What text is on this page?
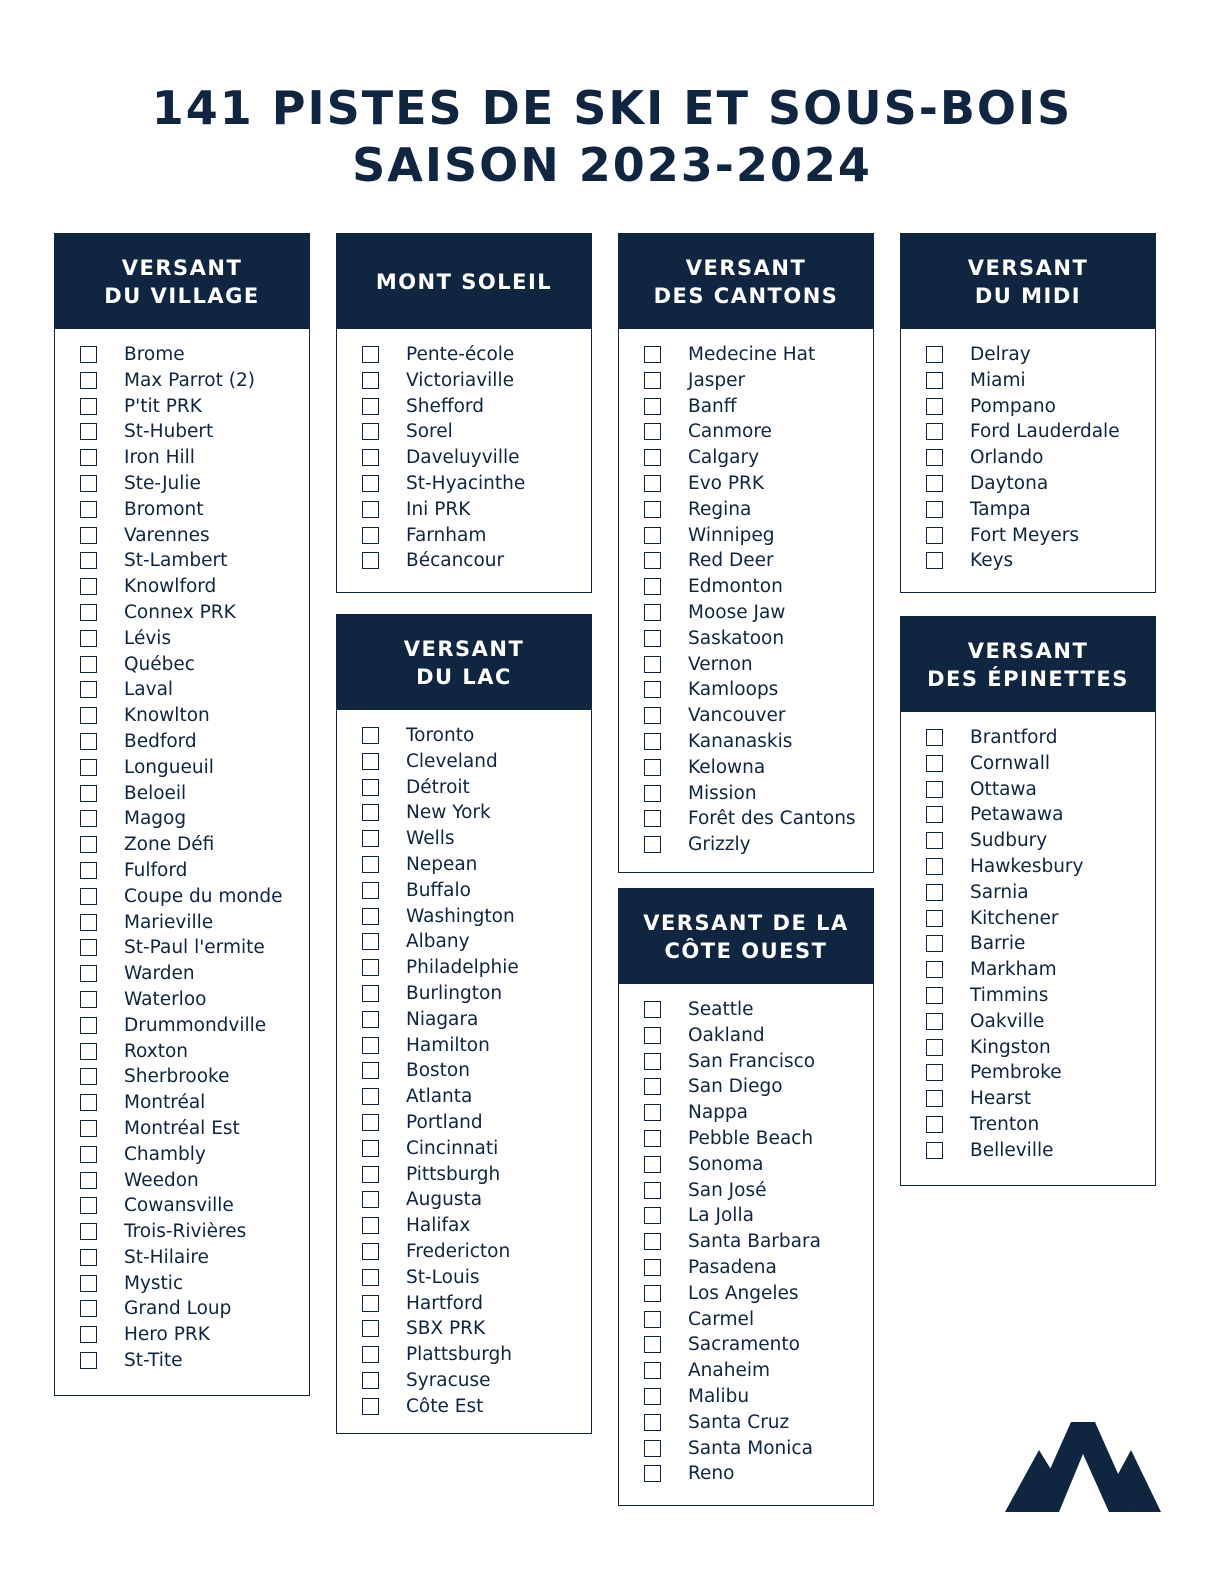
141 PISTES DE SKI ET SOUS-BOIS
SAISON 2023-2024
VERSANT
DU VILLAGE
Brome
Max Parrot (2)
P'tit PRK
St-Hubert
Iron Hill
Ste-Julie
Bromont
Varennes
St-Lambert
Knowlford
Connex PRK
Lévis
Québec
Laval
Knowlton
Bedford
Longueuil
Beloeil
Magog
Zone Défi
Fulford
Coupe du monde
Marieville
St-Paul l'ermite
Warden
Waterloo
Drummondville
Roxton
Sherbrooke
Montréal
Montréal Est
Chambly
Weedon
Cowansville
Trois-Rivières
St-Hilaire
Mystic
Grand Loup
Hero PRK
St-Tite
MONT SOLEIL
Pente-école
Victoriaville
Shefford
Sorel
Daveluyville
St-Hyacinthe
Ini PRK
Farnham
Bécancour
VERSANT
DU LAC
Toronto
Cleveland
Détroit
New York
Wells
Nepean
Buffalo
Washington
Albany
Philadelphie
Burlington
Niagara
Hamilton
Boston
Atlanta
Portland
Cincinnati
Pittsburgh
Augusta
Halifax
Fredericton
St-Louis
Hartford
SBX PRK
Plattsburgh
Syracuse
Côte Est
VERSANT
DES CANTONS
Medecine Hat
Jasper
Banff
Canmore
Calgary
Evo PRK
Regina
Winnipeg
Red Deer
Edmonton
Moose Jaw
Saskatoon
Vernon
Kamloops
Vancouver
Kananaskis
Kelowna
Mission
Forêt des Cantons
Grizzly
VERSANT DE LA
CÔTE OUEST
Seattle
Oakland
San Francisco
San Diego
Nappa
Pebble Beach
Sonoma
San José
La Jolla
Santa Barbara
Pasadena
Los Angeles
Carmel
Sacramento
Anaheim
Malibu
Santa Cruz
Santa Monica
Reno
VERSANT
DU MIDI
Delray
Miami
Pompano
Ford Lauderdale
Orlando
Daytona
Tampa
Fort Meyers
Keys
VERSANT
DES ÉPINETTES
Brantford
Cornwall
Ottawa
Petawawa
Sudbury
Hawkesbury
Sarnia
Kitchener
Barrie
Markham
Timmins
Oakville
Kingston
Pembroke
Hearst
Trenton
Belleville
